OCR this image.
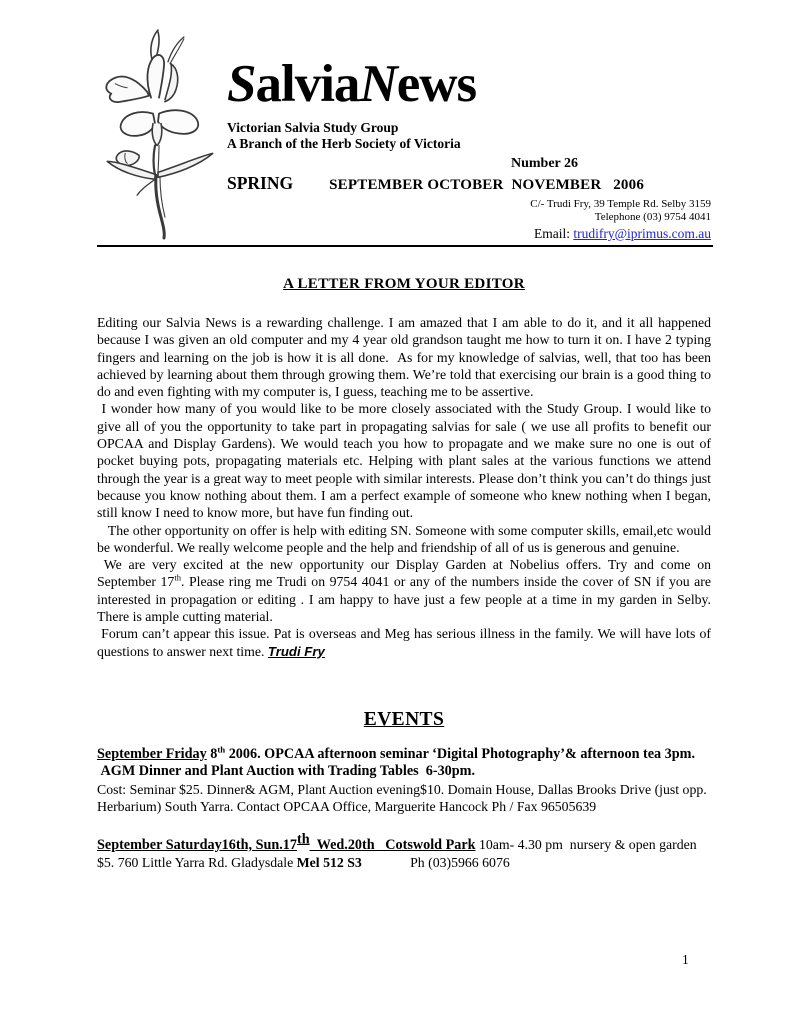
SalviaNews
Victorian Salvia Study Group
A Branch of the Herb Society of Victoria
Number 26
SPRING SEPTEMBER OCTOBER  NOVEMBER   2006
C/- Trudi Fry, 39 Temple Rd. Selby 3159
Telephone (03) 9754 4041
Email: trudifry@iprimus.com.au
A LETTER FROM YOUR EDITOR

Editing our Salvia News is a rewarding challenge. I am amazed that I am able to do it, and it all happened because I was given an old computer and my 4 year old grandson taught me how to turn it on. I have 2 typing fingers and learning on the job is how it is all done.  As for my knowledge of salvias, well, that too has been achieved by learning about them through growing them. We’re told that exercising our brain is a good thing to do and even fighting with my computer is, I guess, teaching me to be assertive.

I wonder how many of you would like to be more closely associated with the Study Group. I would like to give all of you the opportunity to take part in propagating salvias for sale ( we use all profits to benefit our OPCAA and Display Gardens). We would teach you how to propagate and we make sure no one is out of pocket buying pots, propagating materials etc. Helping with plant sales at the various functions we attend through the year is a great way to meet people with similar interests. Please don’t think you can’t do things just because you know nothing about them. I am a perfect example of someone who knew nothing when I began, still know I need to know more, but have fun finding out.

The other opportunity on offer is help with editing SN. Someone with some computer skills, email,etc would be wonderful. We really welcome people and the help and friendship of all of us is generous and genuine.

We are very excited at the new opportunity our Display Garden at Nobelius offers. Try and come on September 17th. Please ring me Trudi on 9754 4041 or any of the numbers inside the cover of SN if you are interested in propagation or editing . I am happy to have just a few people at a time in my garden in Selby. There is ample cutting material.

Forum can’t appear this issue. Pat is overseas and Meg has serious illness in the family. We will have lots of questions to answer next time. Trudi Fry

EVENTS
September Friday 8th 2006. OPCAA afternoon seminar ‘Digital Photography’& afternoon tea 3pm.  AGM Dinner and Plant Auction with Trading Tables  6-30pm.
Cost: Seminar $25. Dinner& AGM, Plant Auction evening$10. Domain House, Dallas Brooks Drive (just opp. Herbarium) South Yarra. Contact OPCAA Office, Marguerite Hancock Ph / Fax 96505639
September Saturday16th, Sun.17th  Wed.20th   Cotswold Park 10am- 4.30 pm  nursery & open garden $5. 760 Little Yarra Rd. Gladysdale Mel 512 S3              Ph (03)5966 6076
1
